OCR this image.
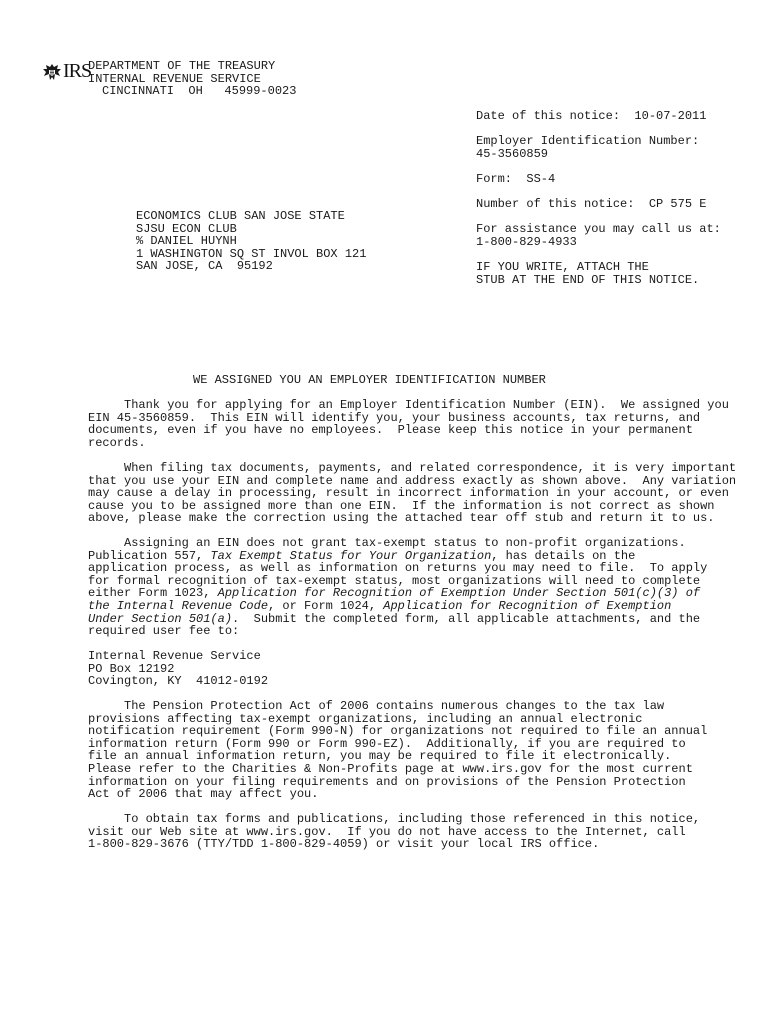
IRS
DEPARTMENT OF THE TREASURY
INTERNAL REVENUE SERVICE
CINCINNATI  OH   45999-0023
Date of this notice:  10-07-2011
Employer Identification Number:
45-3560859
Form:  SS-4
Number of this notice:  CP 575 E
For assistance you may call us at:
1-800-829-4933
IF YOU WRITE, ATTACH THE
STUB AT THE END OF THIS NOTICE.
ECONOMICS CLUB SAN JOSE STATE
SJSU ECON CLUB
% DANIEL HUYNH
1 WASHINGTON SQ ST INVOL BOX 121
SAN JOSE, CA  95192
WE ASSIGNED YOU AN EMPLOYER IDENTIFICATION NUMBER
Thank you for applying for an Employer Identification Number (EIN).  We assigned you
EIN 45-3560859.  This EIN will identify you, your business accounts, tax returns, and
documents, even if you have no employees.  Please keep this notice in your permanent
records.
When filing tax documents, payments, and related correspondence, it is very important
that you use your EIN and complete name and address exactly as shown above.  Any variation
may cause a delay in processing, result in incorrect information in your account, or even
cause you to be assigned more than one EIN.  If the information is not correct as shown
above, please make the correction using the attached tear off stub and return it to us.
Assigning an EIN does not grant tax-exempt status to non-profit organizations.
Publication 557, Tax Exempt Status for Your Organization, has details on the
application process, as well as information on returns you may need to file.  To apply
for formal recognition of tax-exempt status, most organizations will need to complete
either Form 1023, Application for Recognition of Exemption Under Section 501(c)(3) of
the Internal Revenue Code, or Form 1024, Application for Recognition of Exemption
Under Section 501(a).  Submit the completed form, all applicable attachments, and the
required user fee to:
Internal Revenue Service
PO Box 12192
Covington, KY  41012-0192
The Pension Protection Act of 2006 contains numerous changes to the tax law
provisions affecting tax-exempt organizations, including an annual electronic
notification requirement (Form 990-N) for organizations not required to file an annual
information return (Form 990 or Form 990-EZ).  Additionally, if you are required to
file an annual information return, you may be required to file it electronically.
Please refer to the Charities & Non-Profits page at www.irs.gov for the most current
information on your filing requirements and on provisions of the Pension Protection
Act of 2006 that may affect you.
To obtain tax forms and publications, including those referenced in this notice,
visit our Web site at www.irs.gov.  If you do not have access to the Internet, call
1-800-829-3676 (TTY/TDD 1-800-829-4059) or visit your local IRS office.
